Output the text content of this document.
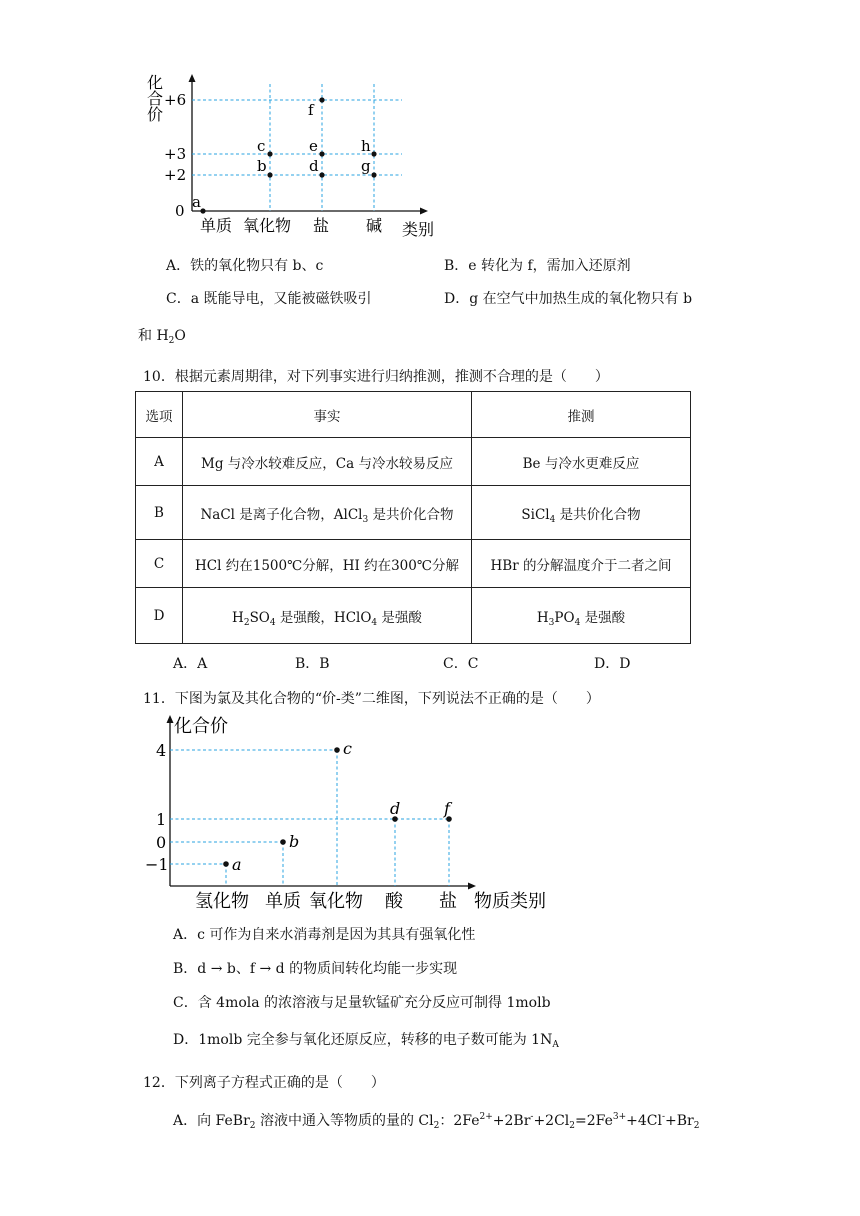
化
合
价
+6
+3
+2
0
单质 氧化物 盐 碱 类别
a
b
c
d
e
f
g
h
A．铁的氧化物只有 b、c	B．e 转化为 f，需加入还原剂
C．a 既能导电，又能被磁铁吸引	D．g 在空气中加热生成的氧化物只有 b
和 $H_2O$
10．根据元素周期律，对下列事实进行归纳推测，推测不合理的是（　　）
选项	事实	推测
A	Mg 与冷水较难反应，Ca 与冷水较易反应	Be 与冷水更难反应
B	NaCl 是离子化合物，AlCl$_3$ 是共价化合物	SiCl$_4$ 是共价化合物
C	HCl 约在1500℃分解，HI 约在300℃分解	HBr 的分解温度介于二者之间
D	$H_2SO_4$ 是强酸，HClO$_4$ 是强酸	$H_3PO_4$ 是强酸
A．A	B．B	C．C	D．D
11．下图为氯及其化合物的“价-类”二维图，下列说法不正确的是（　　）
化合价
4
1
0
−1
氢化物 单质 氧化物 酸 盐 物质类别
a
b
c
d	f
A．c 可作为自来水消毒剂是因为其具有强氧化性
B．d → b、f → d 的物质间转化均能一步实现
C．含 4mola 的浓溶液与足量软锰矿充分反应可制得 1molb
D．1molb 完全参与氧化还原反应，转移的电子数可能为 $1N_A$
12．下列离子方程式正确的是（　　）
A．向 FeBr$_2$ 溶液中通入等物质的量的 $Cl_2$：$2Fe^{2+}+2Br^-+2Cl_2=2Fe^{3+}+4Cl^-+Br_2$
